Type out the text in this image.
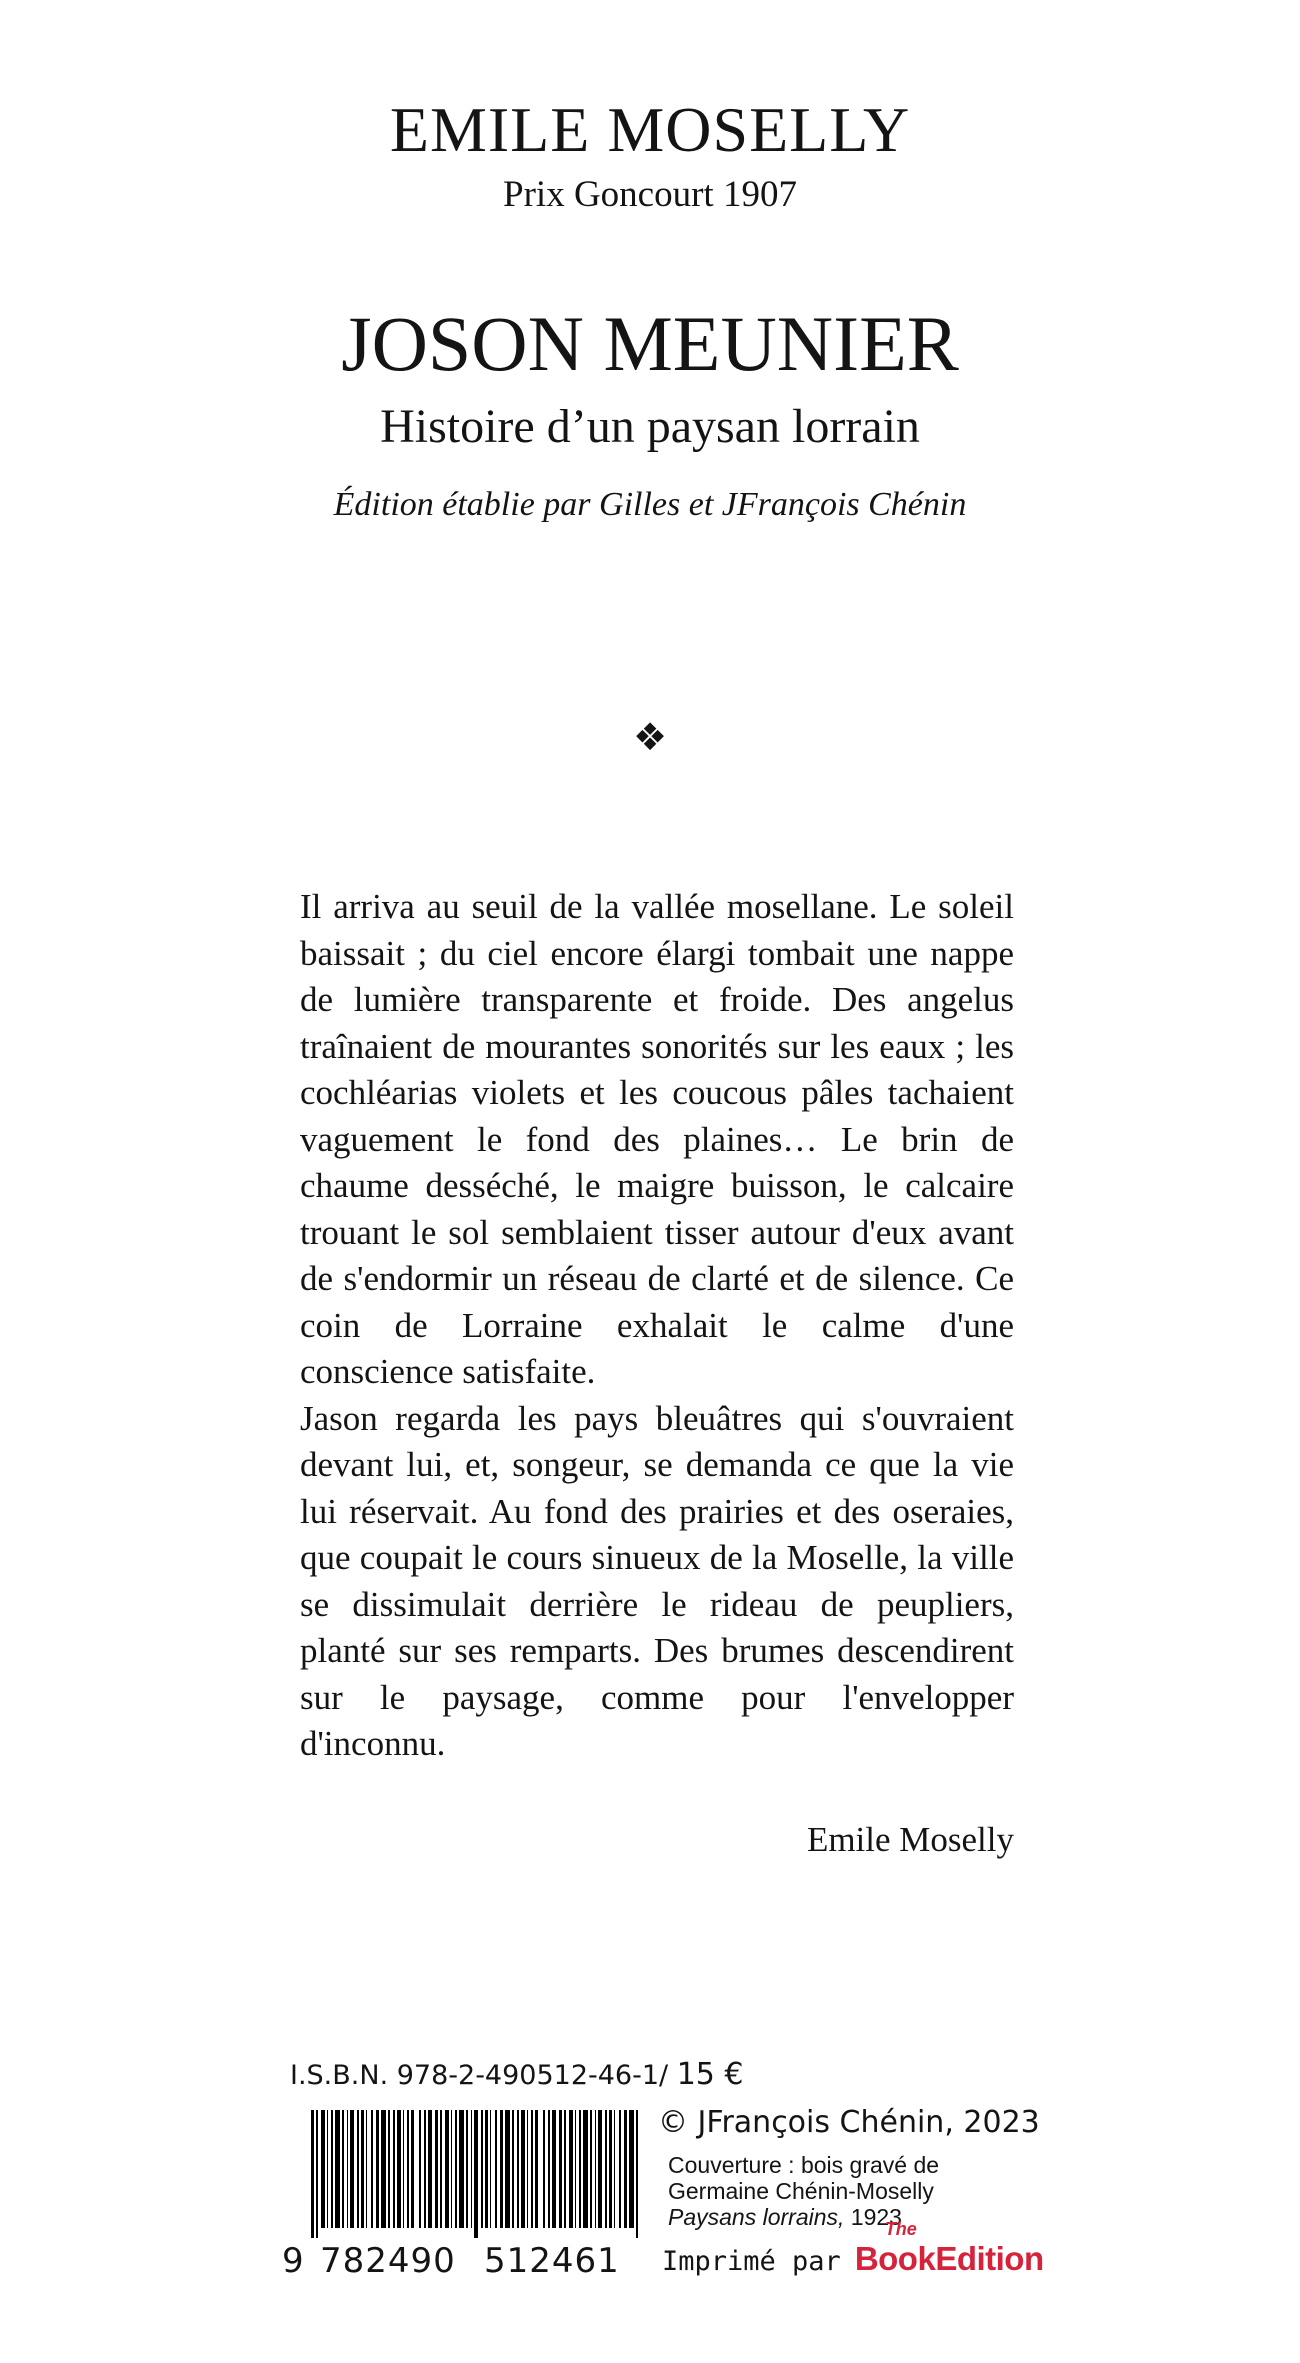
EMILE MOSELLY
Prix Goncourt 1907
JOSON MEUNIER
Histoire d’un paysan lorrain
Édition établie par Gilles et JFrançois Chénin
❖

Il arriva au seuil de la vallée mosellane. Le soleil baissait ; du ciel encore élargi tombait une nappe de lumière transparente et froide. Des angelus traînaient de mourantes sonorités sur les eaux ; les cochléarias violets et les coucous pâles tachaient vaguement le fond des plaines… Le brin de chaume desséché, le maigre buisson, le calcaire trouant le sol semblaient tisser autour d'eux avant de s'endormir un réseau de clarté et de silence. Ce coin de Lorraine exhalait le calme d'une conscience satisfaite.

Jason regarda les pays bleuâtres qui s'ouvraient devant lui, et, songeur, se demanda ce que la vie lui réservait. Au fond des prairies et des oseraies, que coupait le cours sinueux de la Moselle, la ville se dissimulait derrière le rideau de peupliers, planté sur ses remparts. Des brumes descendirent sur le paysage, comme pour l'envelopper d'inconnu.

Emile Moselly
I.S.B.N. 978-2-490512-46-1/ 15 €
9 782490 512461
© JFrançois Chénin, 2023
Couverture : bois gravé de
Germaine Chénin-Moselly
Paysans lorrains, 1923
Imprimé par
The
BookEdition
